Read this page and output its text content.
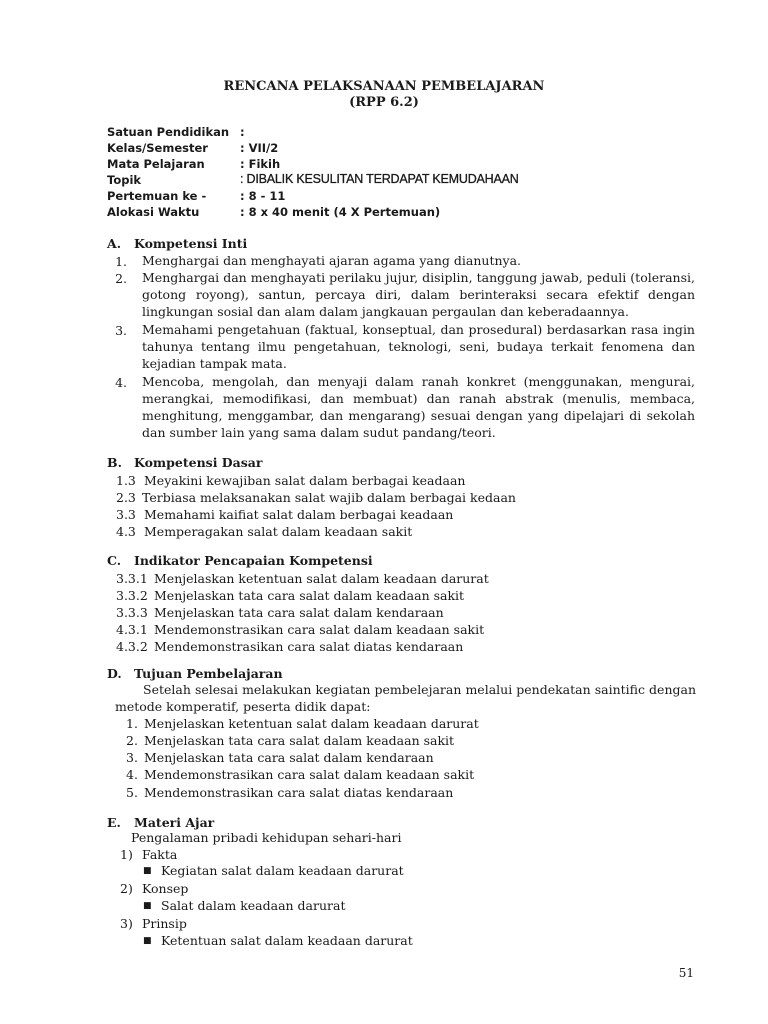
RENCANA PELAKSANAAN PEMBELAJARAN
(RPP 6.2)
Satuan Pendidikan :
Kelas/Semester	: VII/2
Mata Pelajaran	: Fikih
Topik	: DIBALIK KESULITAN TERDAPAT KEMUDAHAAN
Pertemuan ke -	: 8 - 11
Alokasi Waktu	: 8 x 40 menit (4 X Pertemuan)
A. Kompetensi Inti
1. Menghargai dan menghayati ajaran agama yang dianutnya.
2. Menghargai dan menghayati perilaku jujur, disiplin, tanggung jawab, peduli (toleransi, gotong royong), santun, percaya diri, dalam berinteraksi secara efektif dengan lingkungan sosial dan alam dalam jangkauan pergaulan dan keberadaannya.
3. Memahami pengetahuan (faktual, konseptual, dan prosedural) berdasarkan rasa ingin tahunya tentang ilmu pengetahuan, teknologi, seni, budaya terkait fenomena dan kejadian tampak mata.
4. Mencoba, mengolah, dan menyaji dalam ranah konkret (menggunakan, mengurai, merangkai, memodifikasi, dan membuat) dan ranah abstrak (menulis, membaca, menghitung, menggambar, dan mengarang) sesuai dengan yang dipelajari di sekolah dan sumber lain yang sama dalam sudut pandang/teori.
B. Kompetensi Dasar
1.3 Meyakini kewajiban salat dalam berbagai keadaan
2.3 Terbiasa melaksanakan salat wajib dalam berbagai kedaan
3.3 Memahami kaifiat salat dalam berbagai keadaan
4.3 Memperagakan salat dalam keadaan sakit
C. Indikator Pencapaian Kompetensi
3.3.1 Menjelaskan ketentuan salat dalam keadaan darurat
3.3.2 Menjelaskan tata cara salat dalam keadaan sakit
3.3.3 Menjelaskan tata cara salat dalam kendaraan
4.3.1 Mendemonstrasikan cara salat dalam keadaan sakit
4.3.2 Mendemonstrasikan cara salat diatas kendaraan
D. Tujuan Pembelajaran
Setelah selesai melakukan kegiatan pembelejaran melalui pendekatan saintific dengan metode komperatif, peserta didik dapat:
1. Menjelaskan ketentuan salat dalam keadaan darurat
2. Menjelaskan tata cara salat dalam keadaan sakit
3. Menjelaskan tata cara salat dalam kendaraan
4. Mendemonstrasikan cara salat dalam keadaan sakit
5. Mendemonstrasikan cara salat diatas kendaraan
E. Materi Ajar
Pengalaman pribadi kehidupan sehari-hari
1) Fakta
■ Kegiatan salat dalam keadaan darurat
2) Konsep
■ Salat dalam keadaan darurat
3) Prinsip
■ Ketentuan salat dalam keadaan darurat
51
